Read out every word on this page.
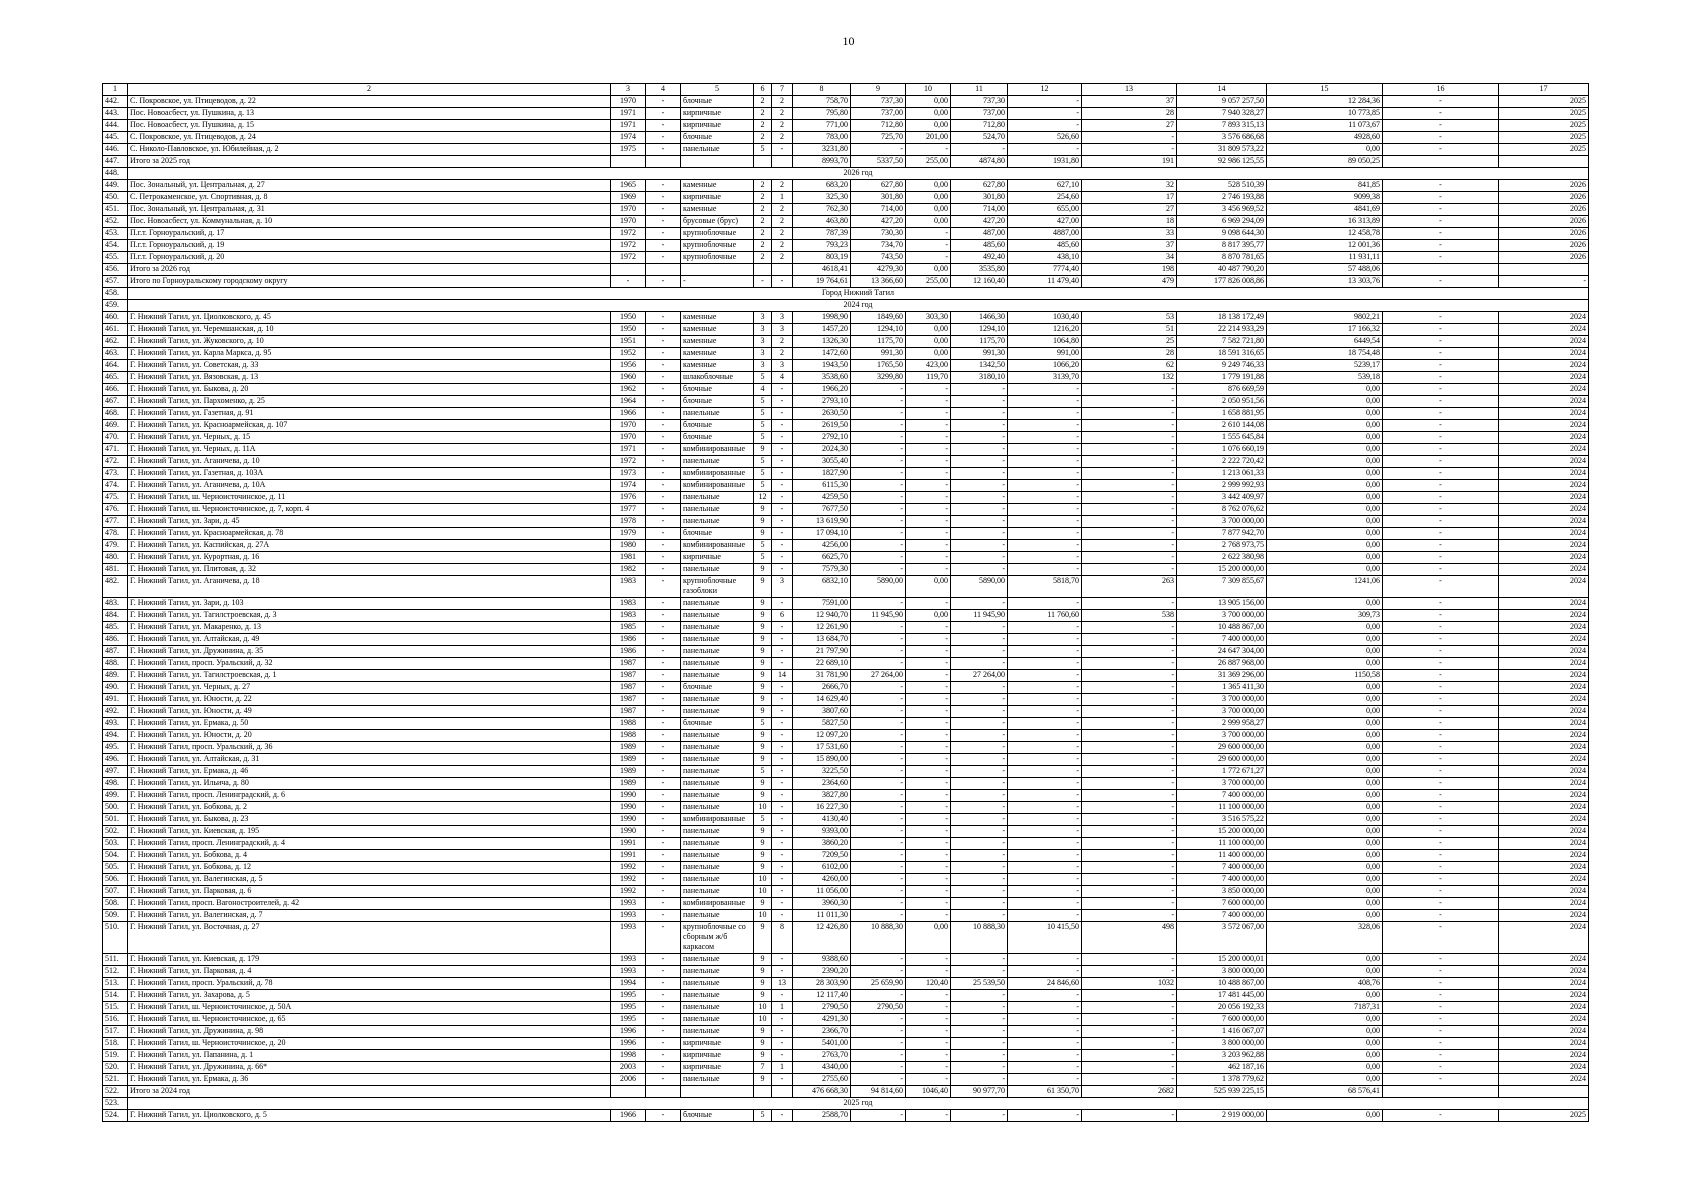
10
1	2	3	4	5	6	7	8	9	10	11	12	13	14	15	16	17
442.	С. Покровское, ул. Птицеводов, д. 22	1970	-	блочные	2	2	758,70	737,30	0,00	737,30	-	37	9 057 257,50	12 284,36	-	2025
443.	Пос. Новоасбест, ул. Пушкина, д. 13	1971	-	кирпичные	2	2	795,80	737,00	0,00	737,00	-	28	7 940 328,27	10 773,85	-	2025
444.	Пос. Новоасбест, ул. Пушкина, д. 15	1971	-	кирпичные	2	2	771,00	712,80	0,00	712,80	-	27	7 893 315,13	11 073,67	-	2025
445.	С. Покровское, ул. Птицеводов, д. 24	1974	-	блочные	2	2	783,00	725,70	201,00	524,70	526,60	-	3 576 686,68	4928,60	-	2025
446.	С. Николо-Павловское, ул. Юбилейная, д. 2	1975	-	панельные	5	-	3231,80	-	-	-	-	-	31 809 573,22	0,00	-	2025
447.	Итого за 2025 год						8993,70	5337,50	255,00	4874,80	1931,80	191	92 986 125,55	89 050,25		
448.	2026 год															
449.	Пос. Зональный, ул. Центральная, д. 27	1965	-	каменные	2	2	683,20	627,80	0,00	627,80	627,10	32	528 510,39	841,85	-	2026
450.	С. Петрокаменское, ул. Спортивная, д. 8	1969	-	кирпичные	2	1	325,30	301,80	0,00	301,80	254,60	17	2 746 193,88	9099,38	-	2026
451.	Пос. Зональный, ул. Центральная, д. 31	1970	-	каменные	2	2	762,30	714,00	0,00	714,00	655,00	27	3 456 969,52	4841,69	-	2026
452.	Пос. Новоасбест, ул. Коммунальная, д. 10	1970	-	брусовые (брус)	2	2	463,80	427,20	0,00	427,20	427,00	18	6 969 294,09	16 313,89	-	2026
453.	П.г.т. Горноуральский, д. 17	1972	-	крупноблочные	2	2	787,39	730,30	-	487,00	4887,00	33	9 098 644,30	12 458,78	-	2026
454.	П.г.т. Горноуральский, д. 19	1972	-	крупноблочные	2	2	793,23	734,70	-	485,60	485,60	37	8 817 395,77	12 001,36	-	2026
455.	П.г.т. Горноуральский, д. 20	1972	-	крупноблочные	2	2	803,19	743,50	-	492,40	438,10	34	8 870 781,65	11 931,11	-	2026
456.	Итого за 2026 год						4618,41	4279,30	0,00	3535,80	7774,40	198	40 487 790,20	57 488,06		
457.	Итого по Горноуральскому городскому округу	-	-	-	-	-	19 764,61	13 366,60	255,00	12 160,40	11 479,40	479	177 826 008,86	13 303,76	-	-
458.	Город Нижний Тагил															
459.	2024 год															
460.	Г. Нижний Тагил, ул. Циолковского, д. 45	1950	-	каменные	3	3	1998,90	1849,60	303,30	1466,30	1030,40	53	18 138 172,49	9802,21	-	2024
461.	Г. Нижний Тагил, ул. Черемшанская, д. 10	1950	-	каменные	3	3	1457,20	1294,10	0,00	1294,10	1216,20	51	22 214 933,29	17 166,32	-	2024
462.	Г. Нижний Тагил, ул. Жуковского, д. 10	1951	-	каменные	3	2	1326,30	1175,70	0,00	1175,70	1064,80	25	7 582 721,80	6449,54	-	2024
463.	Г. Нижний Тагил, ул. Карла Маркса, д. 95	1952	-	каменные	3	2	1472,60	991,30	0,00	991,30	991,00	28	18 591 316,65	18 754,48	-	2024
464.	Г. Нижний Тагил, ул. Советская, д. 33	1956	-	каменные	3	3	1943,50	1765,50	423,00	1342,50	1066,20	62	9 249 746,33	5239,17	-	2024
465.	Г. Нижний Тагил, ул. Вязовская, д. 13	1960	-	шлакоблочные	5	4	3538,60	3299,80	119,70	3180,10	3139,70	132	1 779 191,88	539,18	-	2024
466.	Г. Нижний Тагил, ул. Быкова, д. 20	1962	-	блочные	4	-	1966,20	-	-	-	-	-	876 669,59	0,00	-	2024
467.	Г. Нижний Тагил, ул. Пархоменко, д. 25	1964	-	блочные	5	-	2793,10	-	-	-	-	-	2 050 951,56	0,00	-	2024
468.	Г. Нижний Тагил, ул. Газетная, д. 91	1966	-	панельные	5	-	2630,50	-	-	-	-	-	1 658 881,95	0,00	-	2024
469.	Г. Нижний Тагил, ул. Красноармейская, д. 107	1970	-	блочные	5	-	2619,50	-	-	-	-	-	2 610 144,08	0,00	-	2024
470.	Г. Нижний Тагил, ул. Черных, д. 15	1970	-	блочные	5	-	2792,10	-	-	-	-	-	1 555 645,84	0,00	-	2024
471.	Г. Нижний Тагил, ул. Черных, д. 11А	1971	-	комбинированные	9	-	2024,30	-	-	-	-	-	1 076 660,19	0,00	-	2024
472.	Г. Нижний Тагил, ул. Аганичева, д. 10	1972	-	панельные	5	-	3055,40	-	-	-	-	-	2 222 720,42	0,00	-	2024
473.	Г. Нижний Тагил, ул. Газетная, д. 103А	1973	-	комбинированные	5	-	1827,90	-	-	-	-	-	1 213 061,33	0,00	-	2024
474.	Г. Нижний Тагил, ул. Аганичева, д. 10А	1974	-	комбинированные	5	-	6115,30	-	-	-	-	-	2 999 992,93	0,00	-	2024
475.	Г. Нижний Тагил, ш. Черноисточинское, д. 11	1976	-	панельные	12	-	4259,50	-	-	-	-	-	3 442 409,97	0,00	-	2024
476.	Г. Нижний Тагил, ш. Черноисточинское, д. 7, корп. 4	1977	-	панельные	9	-	7677,50	-	-	-	-	-	8 762 076,62	0,00	-	2024
477.	Г. Нижний Тагил, ул. Зари, д. 45	1978	-	панельные	9	-	13 619,90	-	-	-	-	-	3 700 000,00	0,00	-	2024
478.	Г. Нижний Тагил, ул. Красноармейская, д. 78	1979	-	блочные	9	-	17 094,10	-	-	-	-	-	7 877 942,70	0,00	-	2024
479.	Г. Нижний Тагил, ул. Каспийская, д. 27А	1980	-	комбинированные	5	-	4256,00	-	-	-	-	-	2 768 973,75	0,00	-	2024
480.	Г. Нижний Тагил, ул. Курортная, д. 16	1981	-	кирпичные	5	-	6625,70	-	-	-	-	-	2 622 380,98	0,00	-	2024
481.	Г. Нижний Тагил, ул. Плитовая, д. 32	1982	-	панельные	9	-	7579,30	-	-	-	-	-	15 200 000,00	0,00	-	2024
482.	Г. Нижний Тагил, ул. Аганичева, д. 18	1983	-	крупноблочные газоблоки	9	3	6832,10	5890,00	0,00	5890,00	5818,70	263	7 309 855,67	1241,06	-	2024
483.	Г. Нижний Тагил, ул. Зари, д. 103	1983	-	панельные	9	-	7591,00	-	-	-	-	-	13 905 156,00	0,00	-	2024
484.	Г. Нижний Тагил, ул. Тагилстроевская, д. 3	1983	-	панельные	9	6	12 940,70	11 945,90	0,00	11 945,90	11 760,60	538	3 700 000,00	309,73	-	2024
485.	Г. Нижний Тагил, ул. Макаренко, д. 13	1985	-	панельные	9	-	12 261,90	-	-	-	-	-	10 488 867,00	0,00	-	2024
486.	Г. Нижний Тагил, ул. Алтайская, д. 49	1986	-	панельные	9	-	13 684,70	-	-	-	-	-	7 400 000,00	0,00	-	2024
487.	Г. Нижний Тагил, ул. Дружинина, д. 35	1986	-	панельные	9	-	21 797,90	-	-	-	-	-	24 647 304,00	0,00	-	2024
488.	Г. Нижний Тагил, просп. Уральский, д. 32	1987	-	панельные	9	-	22 689,10	-	-	-	-	-	26 887 968,00	0,00	-	2024
489.	Г. Нижний Тагил, ул. Тагилстроевская, д. 1	1987	-	панельные	9	14	31 781,90	27 264,00	-	27 264,00	-	-	31 369 296,00	1150,58	-	2024
490.	Г. Нижний Тагил, ул. Черных, д. 27	1987	-	блочные	9	-	2666,70	-	-	-	-	-	1 365 411,30	0,00	-	2024
491.	Г. Нижний Тагил, ул. Юности, д. 22	1987	-	панельные	9	-	14 629,40	-	-	-	-	-	3 700 000,00	0,00	-	2024
492.	Г. Нижний Тагил, ул. Юности, д. 49	1987	-	панельные	9	-	3807,60	-	-	-	-	-	3 700 000,00	0,00	-	2024
493.	Г. Нижний Тагил, ул. Ермака, д. 50	1988	-	блочные	5	-	5827,50	-	-	-	-	-	2 999 958,27	0,00	-	2024
494.	Г. Нижний Тагил, ул. Юности, д. 20	1988	-	панельные	9	-	12 097,20	-	-	-	-	-	3 700 000,00	0,00	-	2024
495.	Г. Нижний Тагил, просп. Уральский, д. 36	1989	-	панельные	9	-	17 531,60	-	-	-	-	-	29 600 000,00	0,00	-	2024
496.	Г. Нижний Тагил, ул. Алтайская, д. 31	1989	-	панельные	9	-	15 890,00	-	-	-	-	-	29 600 000,00	0,00	-	2024
497.	Г. Нижний Тагил, ул. Ермака, д. 46	1989	-	панельные	5	-	3225,50	-	-	-	-	-	1 772 671,27	0,00	-	2024
498.	Г. Нижний Тагил, ул. Ильича, д. 80	1989	-	панельные	9	-	2364,60	-	-	-	-	-	3 700 000,00	0,00	-	2024
499.	Г. Нижний Тагил, просп. Ленинградский, д. 6	1990	-	панельные	9	-	3827,80	-	-	-	-	-	7 400 000,00	0,00	-	2024
500.	Г. Нижний Тагил, ул. Бобкова, д. 2	1990	-	панельные	10	-	16 227,30	-	-	-	-	-	11 100 000,00	0,00	-	2024
501.	Г. Нижний Тагил, ул. Быкова, д. 23	1990	-	комбинированные	5	-	4130,40	-	-	-	-	-	3 516 575,22	0,00	-	2024
502.	Г. Нижний Тагил, ул. Киевская, д. 195	1990	-	панельные	9	-	9393,00	-	-	-	-	-	15 200 000,00	0,00	-	2024
503.	Г. Нижний Тагил, просп. Ленинградский, д. 4	1991	-	панельные	9	-	3860,20	-	-	-	-	-	11 100 000,00	0,00	-	2024
504.	Г. Нижний Тагил, ул. Бобкова, д. 4	1991	-	панельные	9	-	7209,50	-	-	-	-	-	11 400 000,00	0,00	-	2024
505.	Г. Нижний Тагил, ул. Бобкова, д. 12	1992	-	панельные	9	-	6102,00	-	-	-	-	-	7 400 000,00	0,00	-	2024
506.	Г. Нижний Тагил, ул. Валегинская, д. 5	1992	-	панельные	10	-	4260,00	-	-	-	-	-	7 400 000,00	0,00	-	2024
507.	Г. Нижний Тагил, ул. Парковая, д. 6	1992	-	панельные	10	-	11 056,00	-	-	-	-	-	3 850 000,00	0,00	-	2024
508.	Г. Нижний Тагил, просп. Вагоностроителей, д. 42	1993	-	комбинированные	9	-	3960,30	-	-	-	-	-	7 600 000,00	0,00	-	2024
509.	Г. Нижний Тагил, ул. Валегинская, д. 7	1993	-	панельные	10	-	11 011,30	-	-	-	-	-	7 400 000,00	0,00	-	2024
510.	Г. Нижний Тагил, ул. Восточная, д. 27	1993	-	крупноблочные со сборным ж/б каркасом	9	8	12 426,80	10 888,30	0,00	10 888,30	10 415,50	498	3 572 067,00	328,06	-	2024
511.	Г. Нижний Тагил, ул. Киевская, д. 179	1993	-	панельные	9	-	9388,60	-	-	-	-	-	15 200 000,01	0,00	-	2024
512.	Г. Нижний Тагил, ул. Парковая, д. 4	1993	-	панельные	9	-	2390,20	-	-	-	-	-	3 800 000,00	0,00	-	2024
513.	Г. Нижний Тагил, просп. Уральский, д. 78	1994	-	панельные	9	13	28 303,90	25 659,90	120,40	25 539,50	24 846,60	1032	10 488 867,00	408,76	-	2024
514.	Г. Нижний Тагил, ул. Захарова, д. 5	1995	-	панельные	9	-	12 117,40	-	-	-	-	-	17 481 445,00	0,00	-	2024
515.	Г. Нижний Тагил, ш. Черноисточинское, д. 50А	1995	-	панельные	10	1	2790,50	2790,50	-	-	-	-	20 056 192,33	7187,31	-	2024
516.	Г. Нижний Тагил, ш. Черноисточинское, д. 65	1995	-	панельные	10	-	4291,30	-	-	-	-	-	7 600 000,00	0,00	-	2024
517.	Г. Нижний Тагил, ул. Дружинина, д. 98	1996	-	панельные	9	-	2366,70	-	-	-	-	-	1 416 067,07	0,00	-	2024
518.	Г. Нижний Тагил, ш. Черноисточинское, д. 20	1996	-	кирпичные	9	-	5401,00	-	-	-	-	-	3 800 000,00	0,00	-	2024
519.	Г. Нижний Тагил, ул. Папанина, д. 1	1998	-	кирпичные	9	-	2763,70	-	-	-	-	-	3 203 962,88	0,00	-	2024
520.	Г. Нижний Тагил, ул. Дружинина, д. 66*	2003	-	кирпичные	7	1	4340,00	-	-	-	-	-	462 187,16	0,00	-	2024
521.	Г. Нижний Тагил, ул. Ермака, д. 36	2006	-	панельные	9	-	2755,60	-	-	-	-	-	1 378 779,62	0,00	-	2024
522.	Итого за 2024 год						476 668,30	94 814,60	1046,40	90 977,70	61 350,70	2682	525 939 225,15	68 576,41		
523.	2025 год															
524.	Г. Нижний Тагил, ул. Циолковского, д. 5	1966	-	блочные	5	-	2588,70	-	-	-	-	-	2 919 000,00	0,00	-	2025
